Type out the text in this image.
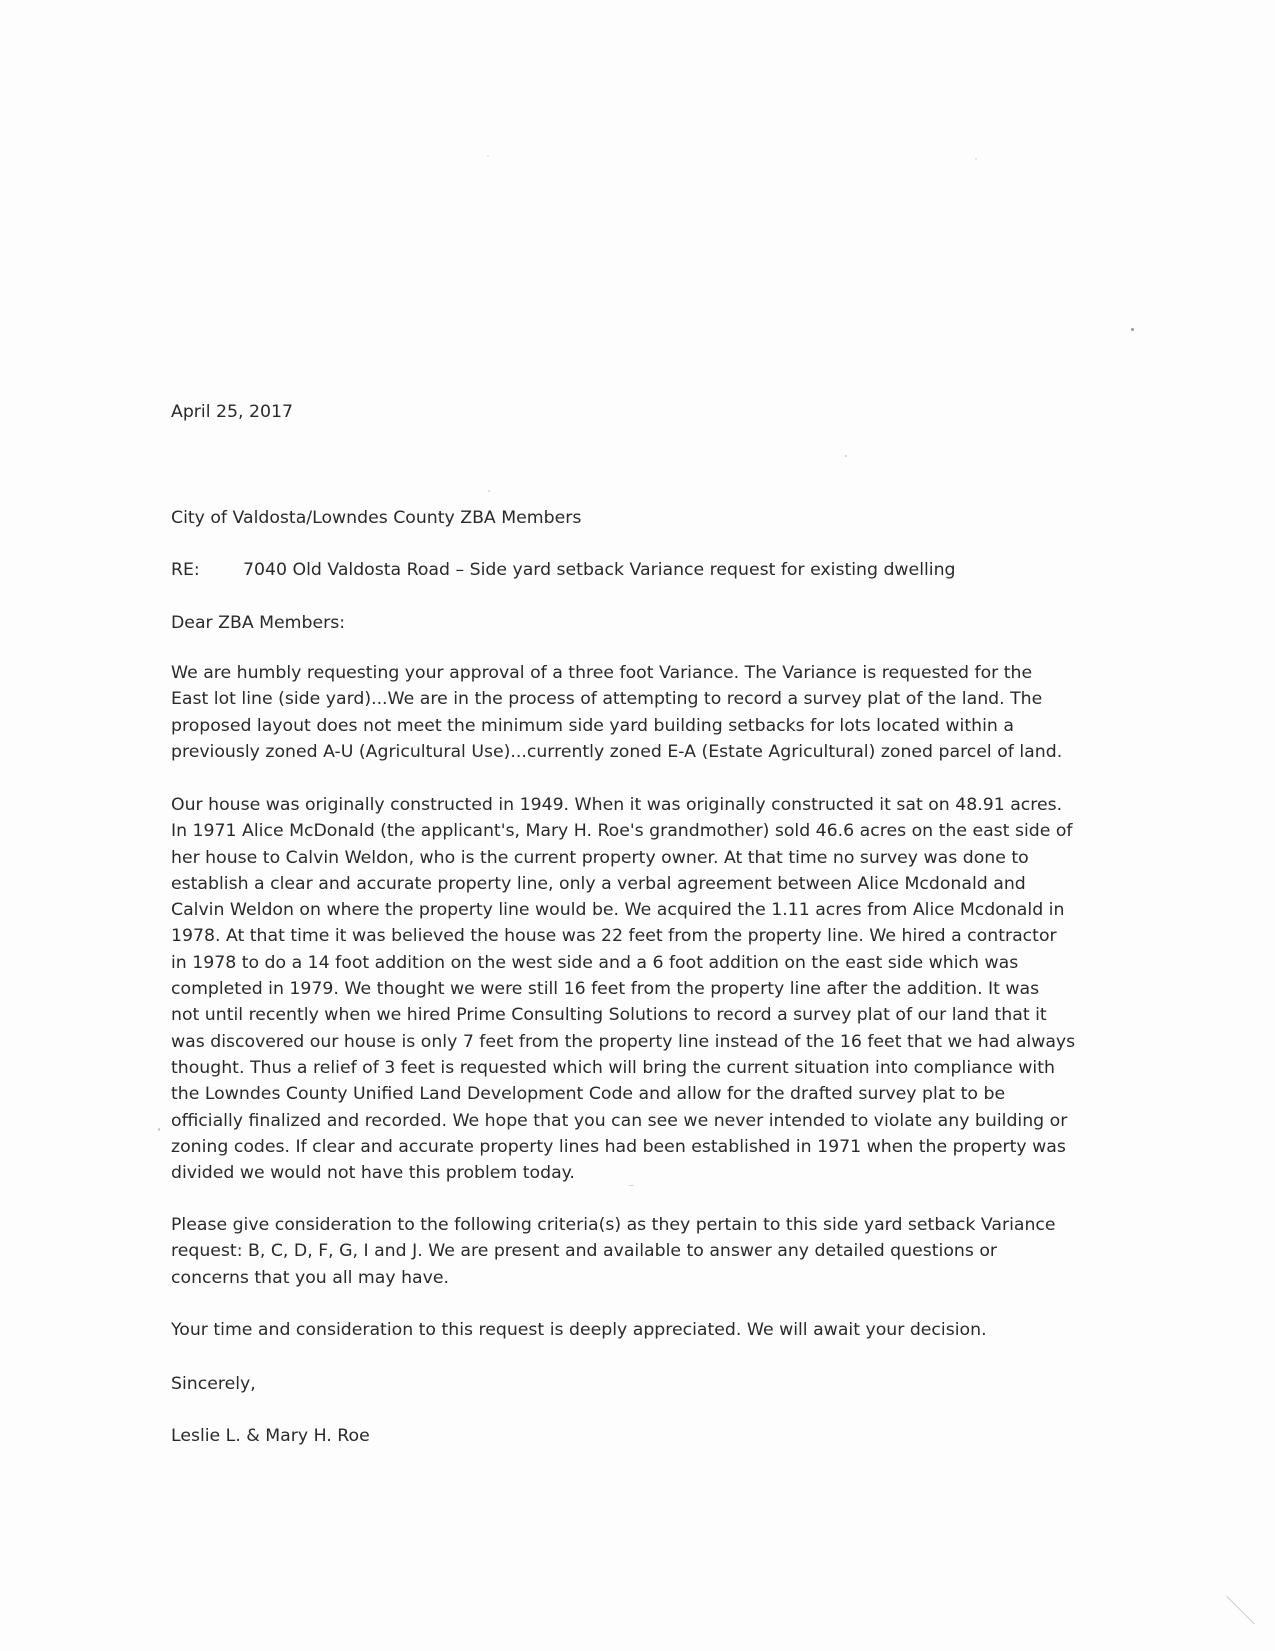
April 25, 2017

City of Valdosta/Lowndes County ZBA Members

RE:	7040 Old Valdosta Road – Side yard setback Variance request for existing dwelling

Dear ZBA Members:

We are humbly requesting your approval of a three foot Variance. The Variance is requested for the

East lot line (side yard)...We are in the process of attempting to record a survey plat of the land. The

proposed layout does not meet the minimum side yard building setbacks for lots located within a

previously zoned A-U (Agricultural Use)...currently zoned E-A (Estate Agricultural) zoned parcel of land.

Our house was originally constructed in 1949. When it was originally constructed it sat on 48.91 acres.

In 1971 Alice McDonald (the applicant's, Mary H. Roe's grandmother) sold 46.6 acres on the east side of

her house to Calvin Weldon, who is the current property owner. At that time no survey was done to

establish a clear and accurate property line, only a verbal agreement between Alice Mcdonald and

Calvin Weldon on where the property line would be. We acquired the 1.11 acres from Alice Mcdonald in

1978. At that time it was believed the house was 22 feet from the property line. We hired a contractor

in 1978 to do a 14 foot addition on the west side and a 6 foot addition on the east side which was

completed in 1979. We thought we were still 16 feet from the property line after the addition. It was

not until recently when we hired Prime Consulting Solutions to record a survey plat of our land that it

was discovered our house is only 7 feet from the property line instead of the 16 feet that we had always

thought. Thus a relief of 3 feet is requested which will bring the current situation into compliance with

the Lowndes County Unified Land Development Code and allow for the drafted survey plat to be

officially finalized and recorded. We hope that you can see we never intended to violate any building or

zoning codes. If clear and accurate property lines had been established in 1971 when the property was

divided we would not have this problem today.

Please give consideration to the following criteria(s) as they pertain to this side yard setback Variance

request: B, C, D, F, G, I and J. We are present and available to answer any detailed questions or

concerns that you all may have.

Your time and consideration to this request is deeply appreciated. We will await your decision.

Sincerely,

Leslie L. & Mary H. Roe
